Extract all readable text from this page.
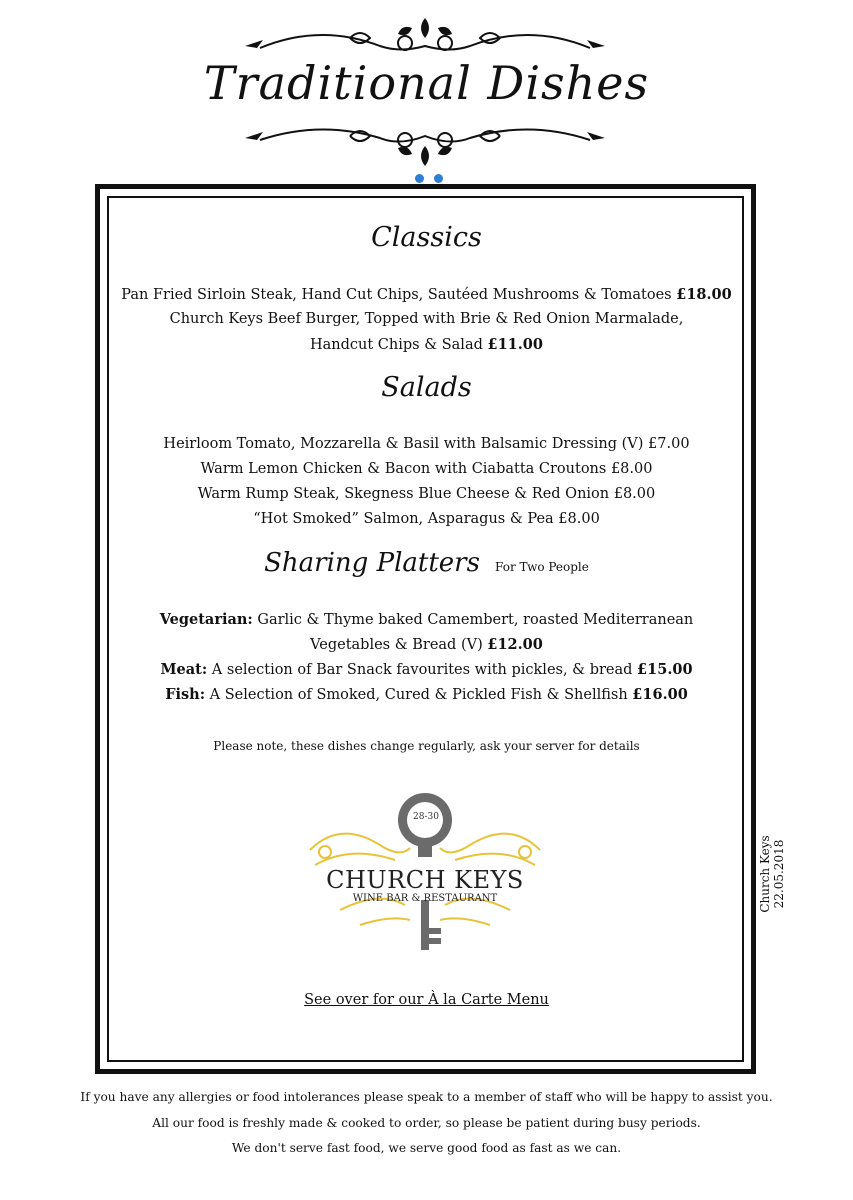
Traditional Dishes
Classics
Pan Fried Sirloin Steak, Hand Cut Chips, Sautéed Mushrooms & Tomatoes £18.00
Church Keys Beef Burger, Topped with Brie & Red Onion Marmalade,
Handcut Chips & Salad £11.00
Salads
Heirloom Tomato, Mozzarella & Basil with Balsamic Dressing (V) £7.00
Warm Lemon Chicken & Bacon with Ciabatta Croutons £8.00
Warm Rump Steak, Skegness Blue Cheese & Red Onion £8.00
“Hot Smoked” Salmon, Asparagus & Pea £8.00
Sharing Platters For Two People
Vegetarian: Garlic & Thyme baked Camembert, roasted Mediterranean
Vegetables & Bread (V) £12.00
Meat: A selection of Bar Snack favourites with pickles, & bread £15.00
Fish: A Selection of Smoked, Cured & Pickled Fish & Shellfish £16.00
Please note, these dishes change regularly, ask your server for details
28-30
CHURCH KEYS
WINE BAR & RESTAURANT
See over for our À la Carte Menu
Church Keys 22.05.2018
If you have any allergies or food intolerances please speak to a member of staff who will be happy to assist you.
All our food is freshly made & cooked to order, so please be patient during busy periods.
We don't serve fast food, we serve good food as fast as we can.
